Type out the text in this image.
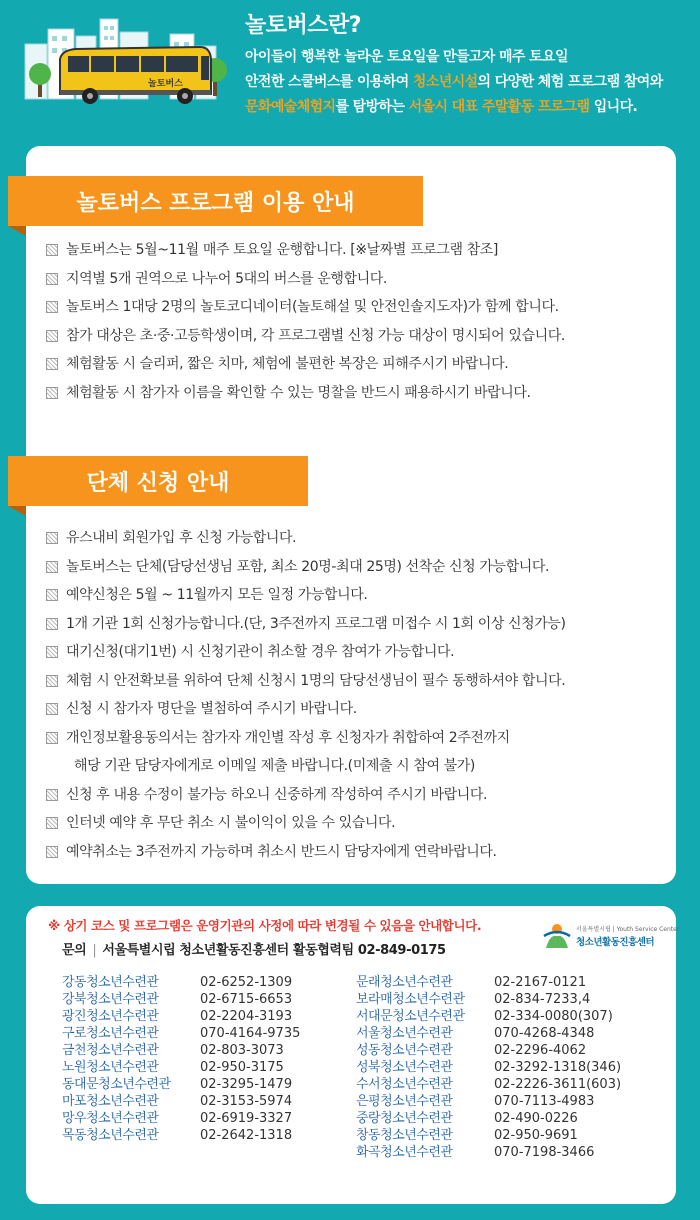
놀토버스
놀토버스란?
아이들이 행복한 놀라운 토요일을 만들고자 매주 토요일
안전한 스쿨버스를 이용하여 청소년시설의 다양한 체험 프로그램 참여와
문화예술체험지를 탐방하는 서울시 대표 주말활동 프로그램 입니다.
놀토버스 프로그램 이용 안내
놀토버스는 5월~11월 매주 토요일 운행합니다. [※날짜별 프로그램 참조]
지역별 5개 권역으로 나누어 5대의 버스를 운행합니다.
놀토버스 1대당 2명의 놀토코디네이터(놀토해설 및 안전인솔지도자)가 함께 합니다.
참가 대상은 초·중·고등학생이며, 각 프로그램별 신청 가능 대상이 명시되어 있습니다.
체험활동 시 슬리퍼, 짧은 치마, 체험에 불편한 복장은 피해주시기 바랍니다.
체험활동 시 참가자 이름을 확인할 수 있는 명찰을 반드시 패용하시기 바랍니다.
단체 신청 안내
유스내비 회원가입 후 신청 가능합니다.
놀토버스는 단체(담당선생님 포함, 최소 20명-최대 25명) 선착순 신청 가능합니다.
예약신청은 5월 ~ 11월까지 모든 일정 가능합니다.
1개 기관 1회 신청가능합니다.(단, 3주전까지 프로그램 미접수 시 1회 이상 신청가능)
대기신청(대기1번) 시 신청기관이 취소할 경우 참여가 가능합니다.
체험 시 안전확보를 위하여 단체 신청시 1명의 담당선생님이 필수 동행하셔야 합니다.
신청 시 참가자 명단을 별첨하여 주시기 바랍니다.
개인정보활용동의서는 참가자 개인별 작성 후 신청자가 취합하여 2주전까지
해당 기관 담당자에게로 이메일 제출 바랍니다.(미제출 시 참여 불가)
신청 후 내용 수정이 불가능 하오니 신중하게 작성하여 주시기 바랍니다.
인터넷 예약 후 무단 취소 시 불이익이 있을 수 있습니다.
예약취소는 3주전까지 가능하며 취소시 반드시 담당자에게 연락바랍니다.
※ 상기 코스 및 프로그램은 운영기관의 사정에 따라 변경될 수 있음을 안내합니다.
문의 | 서울특별시립 청소년활동진흥센터 활동협력팀 02-849-0175
서울특별시립 | Youth Service Center
청소년활동진흥센터
강동청소년수련관	02-6252-1309
강북청소년수련관	02-6715-6653
광진청소년수련관	02-2204-3193
구로청소년수련관	070-4164-9735
금천청소년수련관	02-803-3073
노원청소년수련관	02-950-3175
동대문청소년수련관	02-3295-1479
마포청소년수련관	02-3153-5974
망우청소년수련관	02-6919-3327
목동청소년수련관	02-2642-1318
문래청소년수련관	02-2167-0121
보라매청소년수련관	02-834-7233,4
서대문청소년수련관	02-334-0080(307)
서울청소년수련관	070-4268-4348
성동청소년수련관	02-2296-4062
성북청소년수련관	02-3292-1318(346)
수서청소년수련관	02-2226-3611(603)
은평청소년수련관	070-7113-4983
중랑청소년수련관	02-490-0226
창동청소년수련관	02-950-9691
화곡청소년수련관	070-7198-3466
